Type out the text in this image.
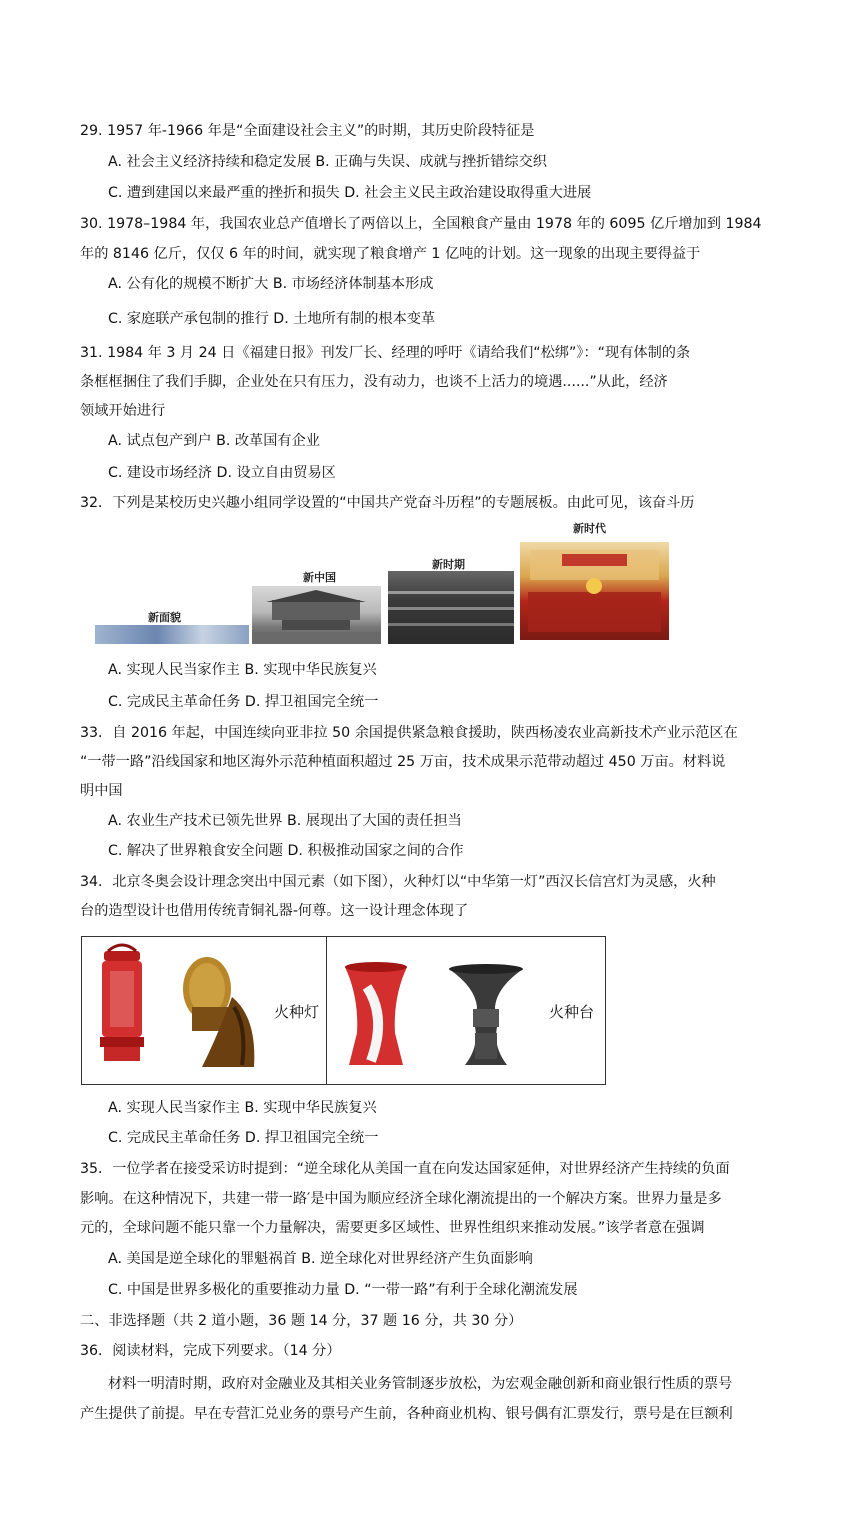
29. 1957 年-1966 年是“全面建设社会主义”的时期，其历史阶段特征是
A. 社会主义经济持续和稳定发展 B. 正确与失误、成就与挫折错综交织
C. 遭到建国以来最严重的挫折和损失 D. 社会主义民主政治建设取得重大进展
30. 1978–1984 年，我国农业总产值增长了两倍以上，全国粮食产量由 1978 年的 6095 亿斤增加到 1984
年的 8146 亿斤，仅仅 6 年的时间，就实现了粮食增产 1 亿吨的计划。这一现象的出现主要得益于
A. 公有化的规模不断扩大 B. 市场经济体制基本形成
C. 家庭联产承包制的推行 D. 土地所有制的根本变革
31. 1984 年 3 月 24 日《福建日报》刊发厂长、经理的呼吁《请给我们“松绑”》：“现有体制的条
条框框捆住了我们手脚，企业处在只有压力，没有动力，也谈不上活力的境遇......”从此，经济
领域开始进行
A. 试点包产到户 B. 改革国有企业
C. 建设市场经济 D. 设立自由贸易区
32．下列是某校历史兴趣小组同学设置的“中国共产党奋斗历程”的专题展板。由此可见，该奋斗历
新面貌
新中国
新时期
新时代
A. 实现人民当家作主 B. 实现中华民族复兴
C. 完成民主革命任务 D. 捍卫祖国完全统一
33．自 2016 年起，中国连续向亚非拉 50 余国提供紧急粮食援助，陕西杨凌农业高新技术产业示范区在
“一带一路”沿线国家和地区海外示范种植面积超过 25 万亩，技术成果示范带动超过 450 万亩。材料说
明中国
A. 农业生产技术已领先世界 B. 展现出了大国的责任担当
C. 解决了世界粮食安全问题 D. 积极推动国家之间的合作
34．北京冬奥会设计理念突出中国元素（如下图），火种灯以“中华第一灯”西汉长信宫灯为灵感，火种
台的造型设计也借用传统青铜礼器-何尊。这一设计理念体现了
火种灯	火种台
A. 实现人民当家作主 B. 实现中华民族复兴
C. 完成民主革命任务 D. 捍卫祖国完全统一
35．一位学者在接受采访时提到：“逆全球化从美国一直在向发达国家延伸，对世界经济产生持续的负面
影响。在这种情况下，共建一带一路′是中国为顺应经济全球化潮流提出的一个解决方案。世界力量是多
元的，全球问题不能只靠一个力量解决，需要更多区域性、世界性组织来推动发展。”该学者意在强调
A. 美国是逆全球化的罪魁祸首 B. 逆全球化对世界经济产生负面影响
C. 中国是世界多极化的重要推动力量 D. “一带一路”有利于全球化潮流发展
二、非选择题（共 2 道小题，36 题 14 分，37 题 16 分，共 30 分）
36．阅读材料，完成下列要求。（14 分）
材料一明清时期，政府对金融业及其相关业务管制逐步放松，为宏观金融创新和商业银行性质的票号
产生提供了前提。早在专营汇兑业务的票号产生前，各种商业机构、银号偶有汇票发行，票号是在巨额利
